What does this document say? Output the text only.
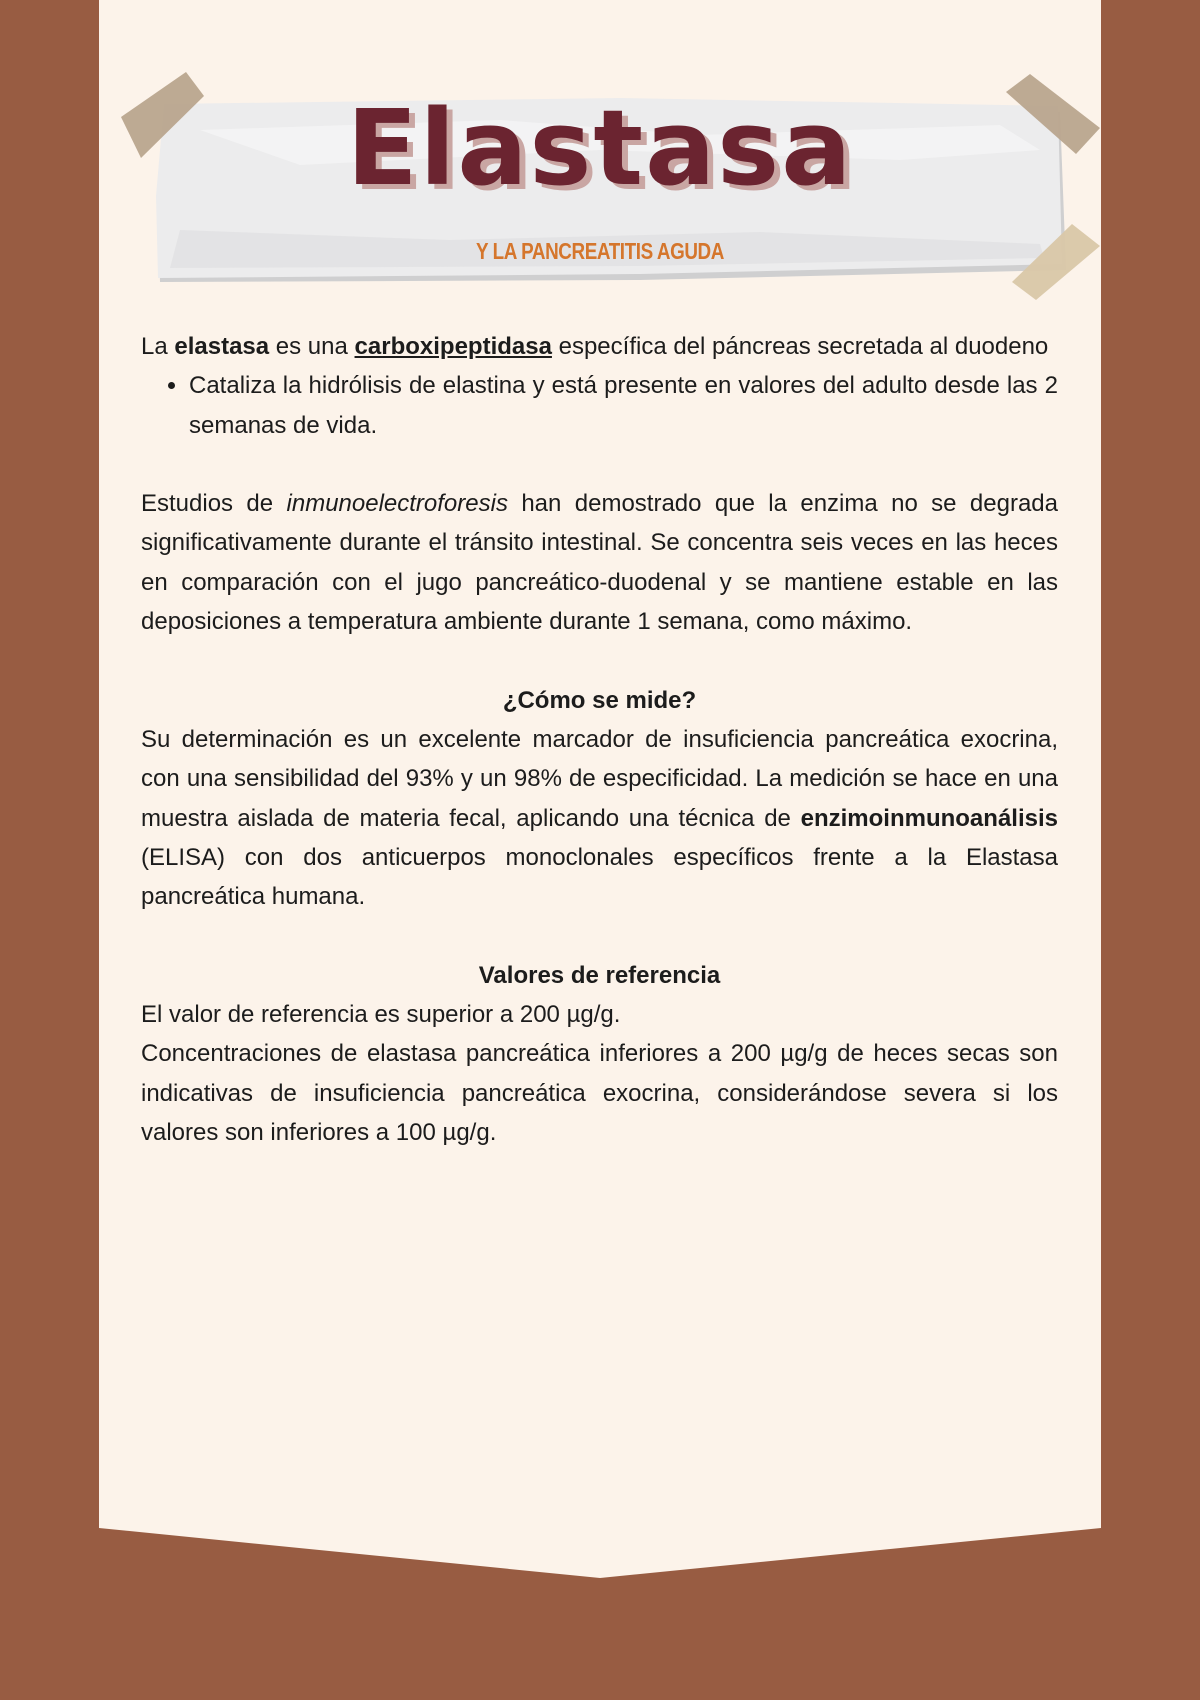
Elastasa
Y LA PANCREATITIS AGUDA

La elastasa es una carboxipeptidasa específica del páncreas secretada al duodeno

• Cataliza la hidrólisis de elastina y está presente en valores del adulto desde las 2 semanas de vida.

Estudios de inmunoelectroforesis han demostrado que la enzima no se degrada significativamente durante el tránsito intestinal. Se concentra seis veces en las heces en comparación con el jugo pancreático-duodenal y se mantiene estable en las deposiciones a temperatura ambiente durante 1 semana, como máximo.

¿Cómo se mide?

Su determinación es un excelente marcador de insuficiencia pancreática exocrina, con una sensibilidad del 93% y un 98% de especificidad. La medición se hace en una muestra aislada de materia fecal, aplicando una técnica de enzimoinmunoanálisis (ELISA) con dos anticuerpos monoclonales específicos frente a la Elastasa pancreática humana.

Valores de referencia

El valor de referencia es superior a 200 µg/g.

Concentraciones de elastasa pancreática inferiores a 200 µg/g de heces secas son indicativas de insuficiencia pancreática exocrina, considerándose severa si los valores son inferiores a 100 µg/g.
